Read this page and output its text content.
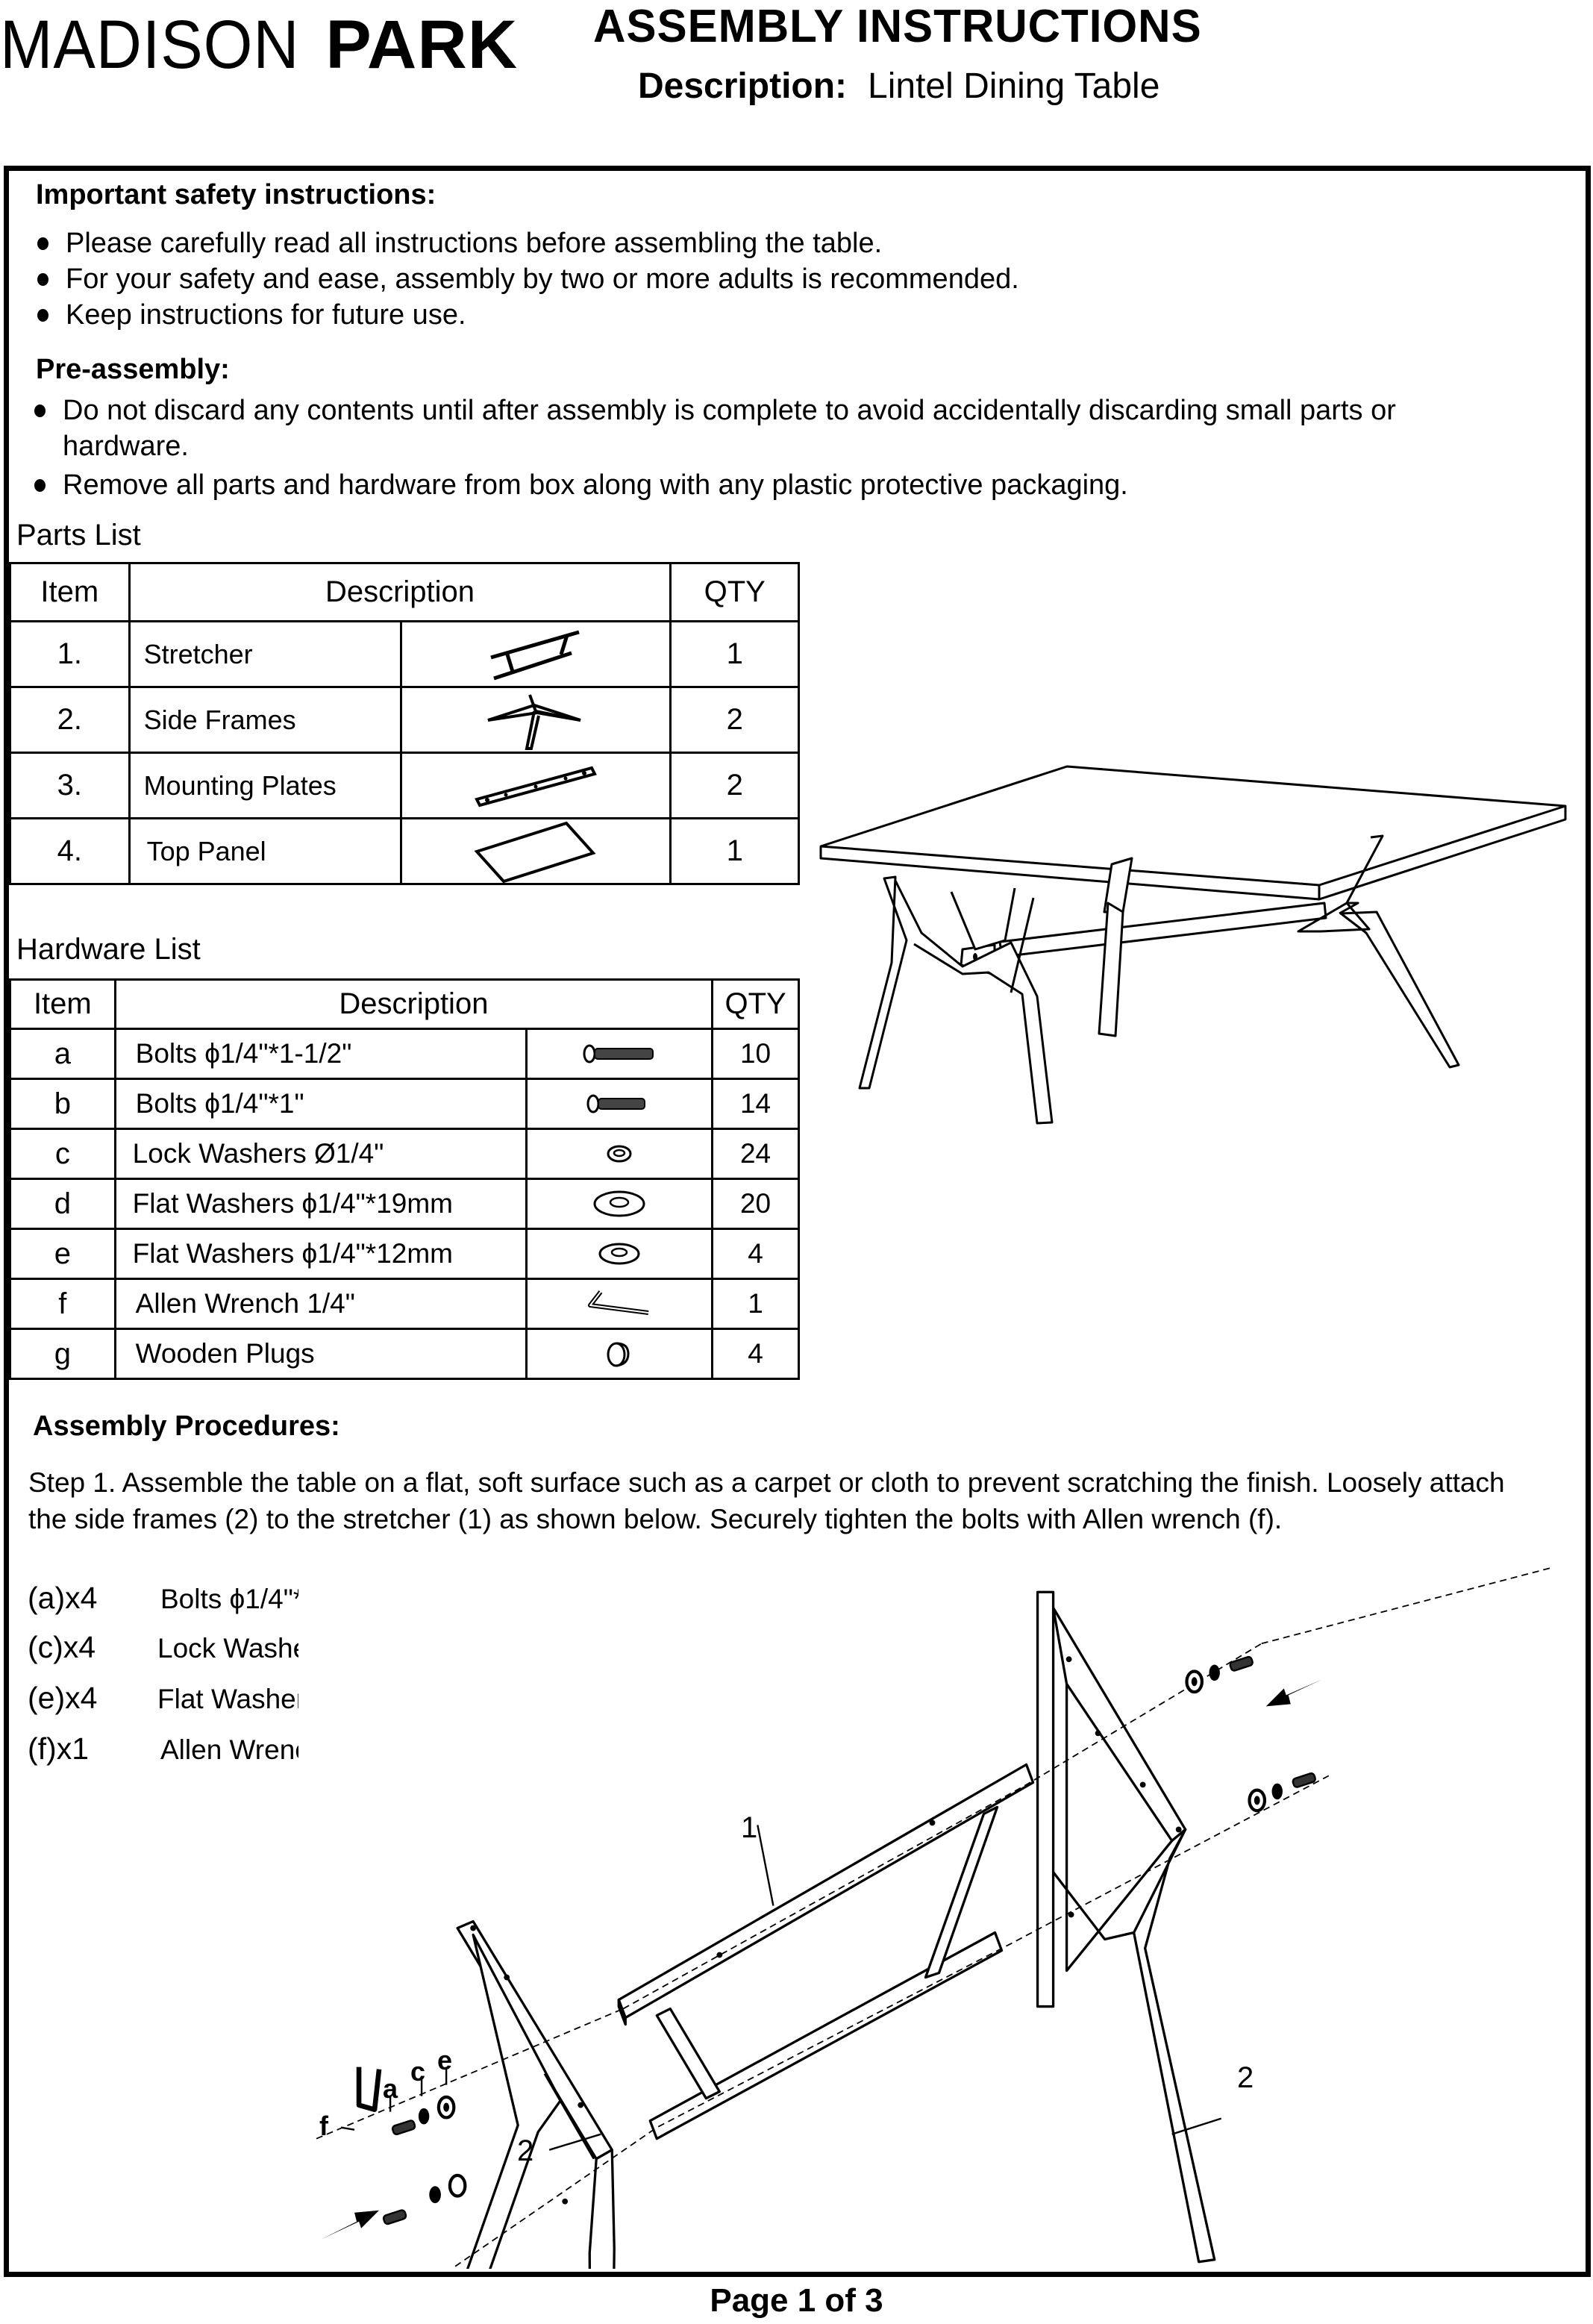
MADISON PARK ASSEMBLY INSTRUCTIONS
Description: Lintel Dining Table
Important safety instructions:
Please carefully read all instructions before assembling the table.
For your safety and ease, assembly by two or more adults is recommended.
Keep instructions for future use.
Pre-assembly:
Do not discard any contents until after assembly is complete to avoid accidentally discarding small parts or hardware.
Remove all parts and hardware from box along with any plastic protective packaging.
Parts List
Item	Description		QTY
1.	Stretcher		1
2.	Side Frames		2
3.	Mounting Plates		2
4.	Top Panel		1
Hardware List
Item	Description		QTY
a	Bolts ϕ1/4"*1-1/2"		10
b	Bolts ϕ1/4"*1"		14
c	Lock Washers Ø1/4"		24
d	Flat Washers ϕ1/4"*19mm		20
e	Flat Washers ϕ1/4"*12mm		4
f	Allen Wrench 1/4"		1
g	Wooden Plugs		4
Assembly Procedures:
Step 1. Assemble the table on a flat, soft surface such as a carpet or cloth to prevent scratching the finish. Loosely attach the side frames (2) to the stretcher (1) as shown below. Securely tighten the bolts with Allen wrench (f).
(a)x4 Bolts ϕ1/4"*1-1/2"
(c)x4 Lock Washers Ø1/4"
(e)x4 Flat Washers ϕ1/4"*12mm
(f)x1	Allen Wrench 1/4"
1
2
2
f
a
c e
Page 1 of 3
